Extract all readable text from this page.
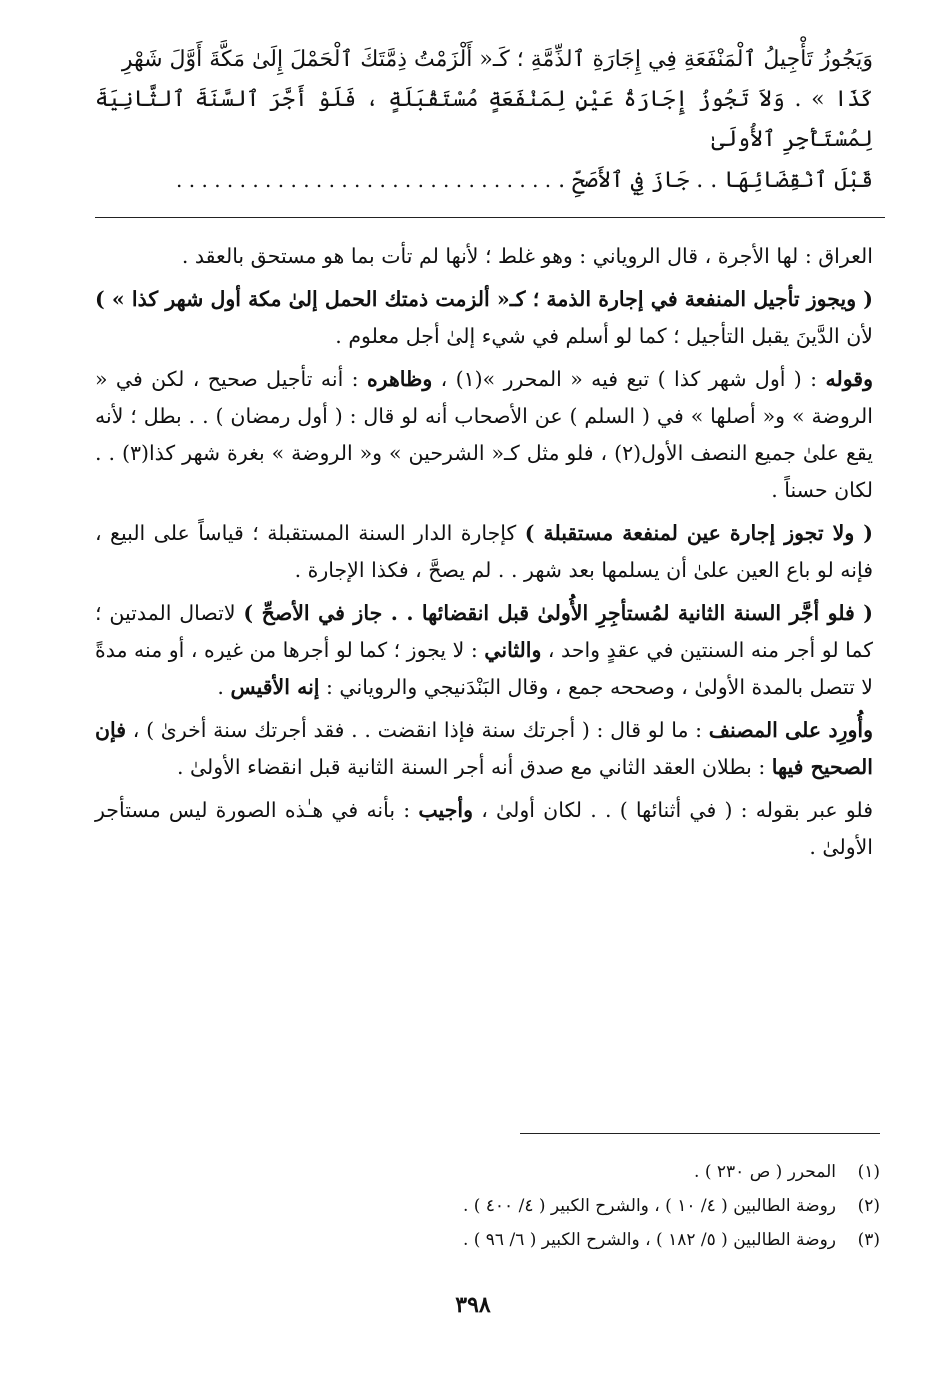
وَيَجُوزُ تَأْجِيلُ ٱلْمَنْفَعَةِ فِي إِجَارَةِ ٱلذِّمَّةِ ؛ كَـ« أَلْزَمْتُ ذِمَّتَكَ ٱلْحَمْلَ إِلَىٰ مَكَّةَ أَوَّلَ شَهْرِ

كَذَا » . وَلاَ تَجُوزُ إِجَارَةُ عَيْنٍ لِمَنْفَعَةٍ مُسْتَقْبَلَةٍ ، فَلَوْ أَجَّرَ ٱلسَّنَةَ ٱلثَّانِيَةَ لِمُسْتَأْجِرِ ٱلأُولَىٰ

قَبْلَ ٱنْقِضَائِهَا . . جَازَ فِي ٱلأَصَحِّ . . . . . . . . . . . . . . . . . . . . . . . . . . . . . . .

العراق : لها الأجرة ، قال الروياني : وهو غلط ؛ لأنها لم تأت بما هو مستحق بالعقد .

( ويجوز تأجيل المنفعة في إجارة الذمة ؛ كـ« ألزمت ذمتك الحمل إلىٰ مكة أول شهر كذا » ) لأن الدَّينَ يقبل التأجيل ؛ كما لو أسلم في شيء إلىٰ أجل معلوم .

وقوله : ( أول شهر كذا ) تبع فيه « المحرر »(١) ، وظاهره : أنه تأجيل صحيح ، لكن في « الروضة » و« أصلها » في ( السلم ) عن الأصحاب أنه لو قال : ( أول رمضان ) . . بطل ؛ لأنه يقع علىٰ جميع النصف الأول(٢) ، فلو مثل كـ« الشرحين » و« الروضة » بغرة شهر كذا(٣) . . لكان حسناً .

( ولا تجوز إجارة عين لمنفعة مستقبلة ) كإجارة الدار السنة المستقبلة ؛ قياساً على البيع ، فإنه لو باع العين علىٰ أن يسلمها بعد شهر . . لم يصحَّ ، فكذا الإجارة .

( فلو أجَّر السنة الثانية لمُستأجِرِ الأُولىٰ قبل انقضائها . . جاز في الأصحِّ ) لاتصال المدتين ؛ كما لو أجر منه السنتين في عقدٍ واحد ، والثاني : لا يجوز ؛ كما لو أجرها من غيره ، أو منه مدةً لا تتصل بالمدة الأولىٰ ، وصححه جمع ، وقال البَنْدَنيجي والروياني : إنه الأقيس .

وأُورِد على المصنف : ما لو قال : ( أجرتك سنة فإذا انقضت . . فقد أجرتك سنة أخرىٰ ) ، فإن الصحيح فيها : بطلان العقد الثاني مع صدق أنه أجر السنة الثانية قبل انقضاء الأولىٰ .

فلو عبر بقوله : ( في أثنائها ) . . لكان أولىٰ ، وأجيب : بأنه في هـٰذه الصورة ليس مستأجر الأولىٰ .

(١)
المحرر ( ص ٢٣٠ ) .
(٢)
روضة الطالبين ( ٤/ ١٠ ) ، والشرح الكبير ( ٤/ ٤٠٠ ) .
(٣)
روضة الطالبين ( ٥/ ١٨٢ ) ، والشرح الكبير ( ٦/ ٩٦ ) .
٣٩٨
